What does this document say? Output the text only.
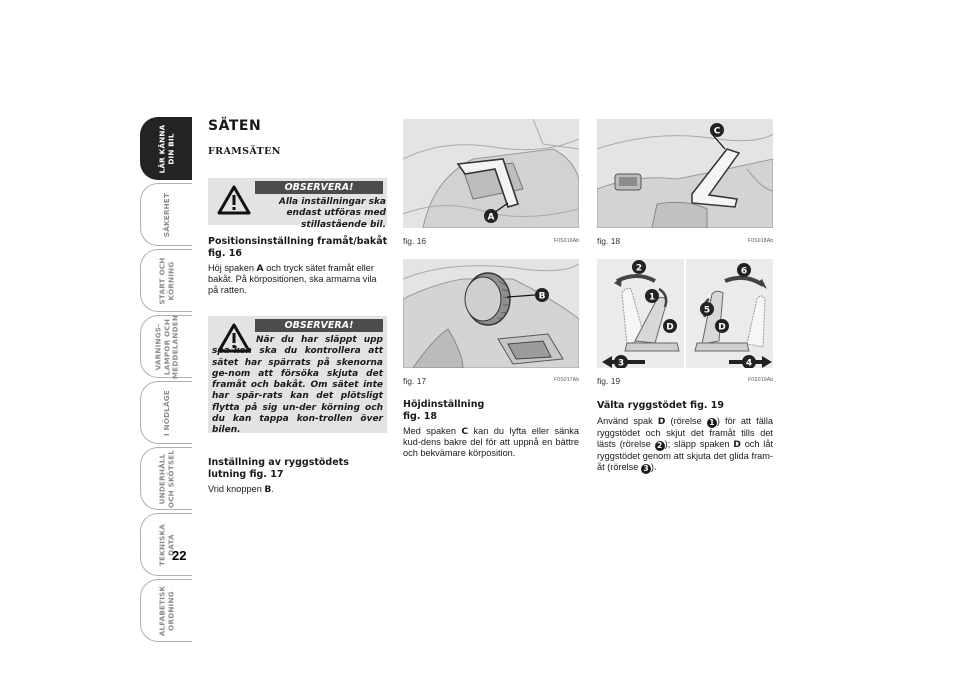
LÄR KÄNNA
DIN BIL
SÄKERHET
START OCH
KÖRNING
VARNINGS-
LAMPOR OCH
MEDDELANDEN
I NÖDLÄGE
UNDERHÅLL
OCH SKÖTSEL
TEKNISKA
DATA
ALFABETISK
ORDNING
22
SÄTEN
FRAMSÄTEN
OBSERVERA!
Alla inställningar ska endast utföras med stillastående bil.
Positionsinställning framåt/bakåt fig. 16

Höj spaken A och tryck sätet framåt eller bakåt. På körpositionen, ska armarna vila på ratten.

OBSERVERA!
När du har släppt upp spa-ken ska du kontrollera att sätet har spärrats på skenorna ge-nom att försöka skjuta det framåt och bakåt. Om sätet inte har spär-rats kan det plötsligt flytta på sig un-der körning och du kan tappa kon-trollen över bilen.
Inställning av ryggstödets lutning fig. 17

Vrid knoppen B.

A
fig. 16	F0S016Ab
B
fig. 17	F0S017Ab
C
fig. 18	F0S018Ab
2
1
D
3
6
5
D
4
fig. 19	F0S019Ab
Höjdinställning fig. 18

Med spaken C kan du lyfta eller sänka kud-dens bakre del för att uppnå en bättre och bekvämare körposition.

Välta ryggstödet fig. 19

Använd spak D (rörelse 1 ) för att fälla ryggstödet och skjut det framåt tills det lästs (rörelse 2 ); släpp spaken D och låt ryggstödet genom att skjuta det glida fram-åt (rörelse 3 ).
